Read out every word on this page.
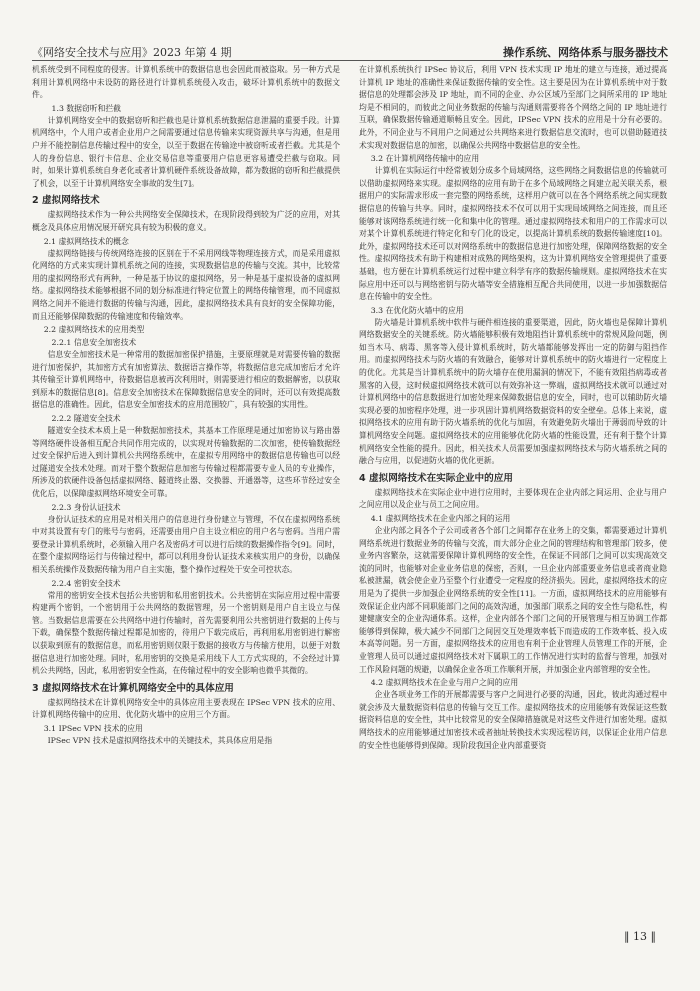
《网络安全技术与应用》2023 年第 4 期	操作系统、网络体系与服务器技术

机系统受到不同程度的侵害。计算机系统中的数据信息也会因此而被盗取。另一种方式是利用计算机网络中未设防的路径进行计算机系统侵入攻击，破坏计算机系统中的数据文件。

1.3 数据窃听和拦截

计算机网络安全中的数据窃听和拦截也是计算机系统数据信息泄漏的重要手段。计算机网络中，个人用户或者企业用户之间需要通过信息传输来实现资源共享与沟通，但是用户并不能控制信息传输过程中的安全，以至于数据在传输途中被窃听或者拦截。尤其是个人的身份信息、银行卡信息、企业交易信息等重要用户信息更容易遭受拦截与窃取。同时，如果计算机系统自身老化或者计算机硬件系统设备故障，都为数据的窃听和拦截提供了机会，以至于计算机网络安全事故的发生[7]。

2 虚拟网络技术

虚拟网络技术作为一种公共网络安全保障技术，在现阶段得到较为广泛的应用，对其概念及具体应用情况展开研究具有较为积极的意义。

2.1 虚拟网络技术的概念

虚拟网络链接与传统网络连接的区别在于不采用网线等物理连接方式，而是采用虚拟化网络的方式来实现计算机系统之间的连接，实现数据信息的传输与交流。其中，比较常用的虚拟网络形式有两种，一种是基于协议的虚拟网络，另一种是基于虚拟设备的虚拟网络。虚拟网络技术能够根据不同的划分标准进行特定位置上的网络传输管理，而不同虚拟网络之间并不能进行数据的传输与沟通，因此，虚拟网络技术具有良好的安全保障功能，而且还能够保障数据的传输速度和传输效率。

2.2 虚拟网络技术的应用类型
2.2.1 信息安全加密技术

信息安全加密技术是一种常用的数据加密保护措施，主要原理就是对需要传输的数据进行加密保护，其加密方式有加密算法、数据语言操作等，将数据信息完成加密后才允许其传输至计算机网络中，待数据信息被再次利用时，则需要进行相应的数据解密，以获取到原本的数据信息[8]。信息安全加密技术在保障数据信息安全的同时，还可以有效提高数据信息的准确性。因此，信息安全加密技术的应用范围较广，具有较强的实用性。

2.2.2 隧道安全技术

隧道安全技术本质上是一种数据加密技术，其基本工作原理是通过加密协议与路由器等网络硬件设备相互配合共同作用完成的，以实现对传输数据的二次加密，使传输数据经过安全保护后进入到计算机公共网络系统中，在虚拟专用网络中的数据信息传输也可以经过隧道安全技术处理。而对于整个数据信息加密与传输过程都需要专业人员的专业操作，所涉及的软硬件设备包括虚拟网络、隧道终止器、交换器、开通器等，这些环节经过安全优化后，以保障虚拟网络环境安全可靠。

2.2.3 身份认证技术

身份认证技术的应用是对相关用户的信息进行身份建立与管理，不仅在虚拟网络系统中对其设置有专门的账号与密码，还需要由用户自主设立相应的用户名与密码。当用户需要登录计算机系统时，必须输入用户名及密码才可以进行后续的数据操作指令[9]。同时，在整个虚拟网络运行与传输过程中，都可以利用身份认证技术来核实用户的身份，以确保相关系统操作及数据传输为用户自主实施，整个操作过程处于安全可控状态。

2.2.4 密钥安全技术

常用的密钥安全技术包括公共密钥和私用密钥技术。公共密钥在实际应用过程中需要构建两个密钥，一个密钥用于公共网络的数据管理，另一个密钥则是用户自主设立与保管。当数据信息需要在公共网络中进行传输时，首先需要利用公共密钥进行数据的上传与下载，确保整个数据传输过程都是加密的，待用户下载完成后，再利用私用密钥进行解密以获取到原有的数据信息，而私用密钥则仅限于数据的接收方与传输方使用，以便于对数据信息进行加密处理。同时，私用密钥的交换是采用线下人工方式实现的，不会经过计算机公共网络，因此，私用密钥安全性高，在传输过程中的安全影响也微乎其微的。

3 虚拟网络技术在计算机网络安全中的具体应用

虚拟网络技术在计算机网络安全中的具体应用主要表现在 IPSec VPN 技术的应用、计算机网络传输中的应用、优化防火墙中的应用三个方面。

3.1 IPSec VPN 技术的应用

IPSec VPN 技术是虚拟网络技术中的关键技术，其具体应用是指

在计算机系统执行 IPSec 协议后，利用 VPN 技术实现 IP 地址的建立与连接，通过提高计算机 IP 地址的准确性来保证数据传输的安全性。这主要是因为在计算机系统中对于数据信息的处理都会涉及 IP 地址，而不同的企业、办公区域乃至部门之间所采用的 IP 地址均是不相同的，而彼此之间业务数据的传输与沟通则需要将各个网络之间的 IP 地址进行互联，确保数据传输通道顺畅且安全。因此，IPSec VPN 技术的应用是十分有必要的。此外，不同企业与不同用户之间通过公共网络来进行数据信息交流时，也可以借助隧道技术实现对数据信息的加密，以确保公共网络中数据信息的安全性。

3.2 在计算机网络传输中的应用

计算机在实际运行中经常被划分成多个局域网络，这些网络之间数据信息的传输就可以借助虚拟网络来实现。虚拟网络的应用有助于在多个局域网络之间建立起关联关系，根据用户的实际需求形成一套完整的网络系统，这样用户就可以在各个网络系统之间实现数据信息的传输与共享。同时，虚拟网络技术不仅可以用于实现局域网络之间连接，而且还能够对该网络系统进行统一化和集中化的管理。通过虚拟网络技术和用户的工作需求可以对某个计算机系统进行特定化和专门化的设定，以提高计算机系统的数据传输速度[10]。此外，虚拟网络技术还可以对网络系统中的数据信息进行加密处理，保障网络数据的安全性。虚拟网络技术有助于构建相对成熟的网络架构，这为计算机网络安全管理提供了重要基础，也方便在计算机系统运行过程中建立科学有序的数据传输规则。虚拟网络技术在实际应用中还可以与网络密钥与防火墙等安全措施相互配合共同使用，以进一步加强数据信息在传输中的安全性。

3.3 在优化防火墙中的应用

防火墙是计算机系统中软件与硬件相连接的重要渠道，因此，防火墙也是保障计算机网络数据安全的关键系统。防火墙能够积极有效地阻挡计算机系统中的常规风险问题，例如当木马、病毒、黑客等入侵计算机系统时，防火墙都能够发挥出一定的防御与阻挡作用。而虚拟网络技术与防火墙的有效融合，能够对计算机系统中的防火墙进行一定程度上的优化。尤其是当计算机系统中的防火墙存在使用漏洞的情况下，不能有效阻挡病毒或者黑客的入侵，这时候虚拟网络技术就可以有效弥补这一弊端，虚拟网络技术就可以通过对计算机网络中的信息数据进行加密处理来保障数据信息的安全，同时，也可以辅助防火墙实现必要的加密程序处理，进一步巩固计算机网络数据资料的安全壁垒。总体上来说，虚拟网络技术的应用有助于防火墙系统的优化与加固，有效避免防火墙出于薄弱而导致的计算机网络安全问题。虚拟网络技术的应用能够优化防火墙的性能设置，还有利于整个计算机网络安全性能的提升。因此，相关技术人员需要加强虚拟网络技术与防火墙系统之间的融合与应用，以促进防火墙的优化更新。

4 虚拟网络技术在实际企业中的应用

虚拟网络技术在实际企业中进行应用时，主要体现在企业内部之间运用、企业与用户之间应用以及企业与员工之间应用。

4.1 虚拟网络技术在企业内部之间的运用

企业内部之间各个子公司或者各个部门之间都存在业务上的交集，都需要通过计算机网络系统进行数据业务的传输与交流，而大部分企业之间的管理结构和管理部门较多，使业务内容繁杂，这就需要保障计算机网络的安全性，在保证不同部门之间可以实现高效交流的同时，也能够对企业业务信息的保密，否则，一旦企业内部重要业务信息或者商业隐私被泄漏，就会使企业乃至整个行业遭受一定程度的经济损失。因此，虚拟网络技术的应用是为了提供一步加强企业网络系统的安全性[11]。一方面，虚拟网络技术的应用能够有效保证企业内部不同职能部门之间的高效沟通，加强部门联系之间的安全性与隐私性，构建健康安全的企业沟通体系。这样，企业内部各个部门之间的开展管理与相互协调工作都能够得到保障，极大减少不同部门之间因交互处理效率低下而造成的工作效率低、投入成本高等问题。另一方面，虚拟网络技术的应用也有利于企业管理人员管理工作的开展，企业管理人员可以通过虚拟网络技术对下属职工的工作情况进行实时的监督与管理，加强对工作风险问题的规避，以确保企业各项工作顺利开展，并加强企业内部管理的安全性。

4.2 虚拟网络技术在企业与用户之间的应用

企业各项业务工作的开展都需要与客户之间进行必要的沟通，因此，彼此沟通过程中就会涉及大量数据资料信息的传输与交互工作。虚拟网络技术的应用能够有效保证这些数据资料信息的安全性，其中比较常见的安全保障措施就是对这些文件进行加密处理。虚拟网络技术的应用能够通过加密技术或者抽址转换技术实现远程访问，以保证企业用户信息的安全性也能够得到保障。现阶段我国企业内部重要资

‖ 13 ‖
